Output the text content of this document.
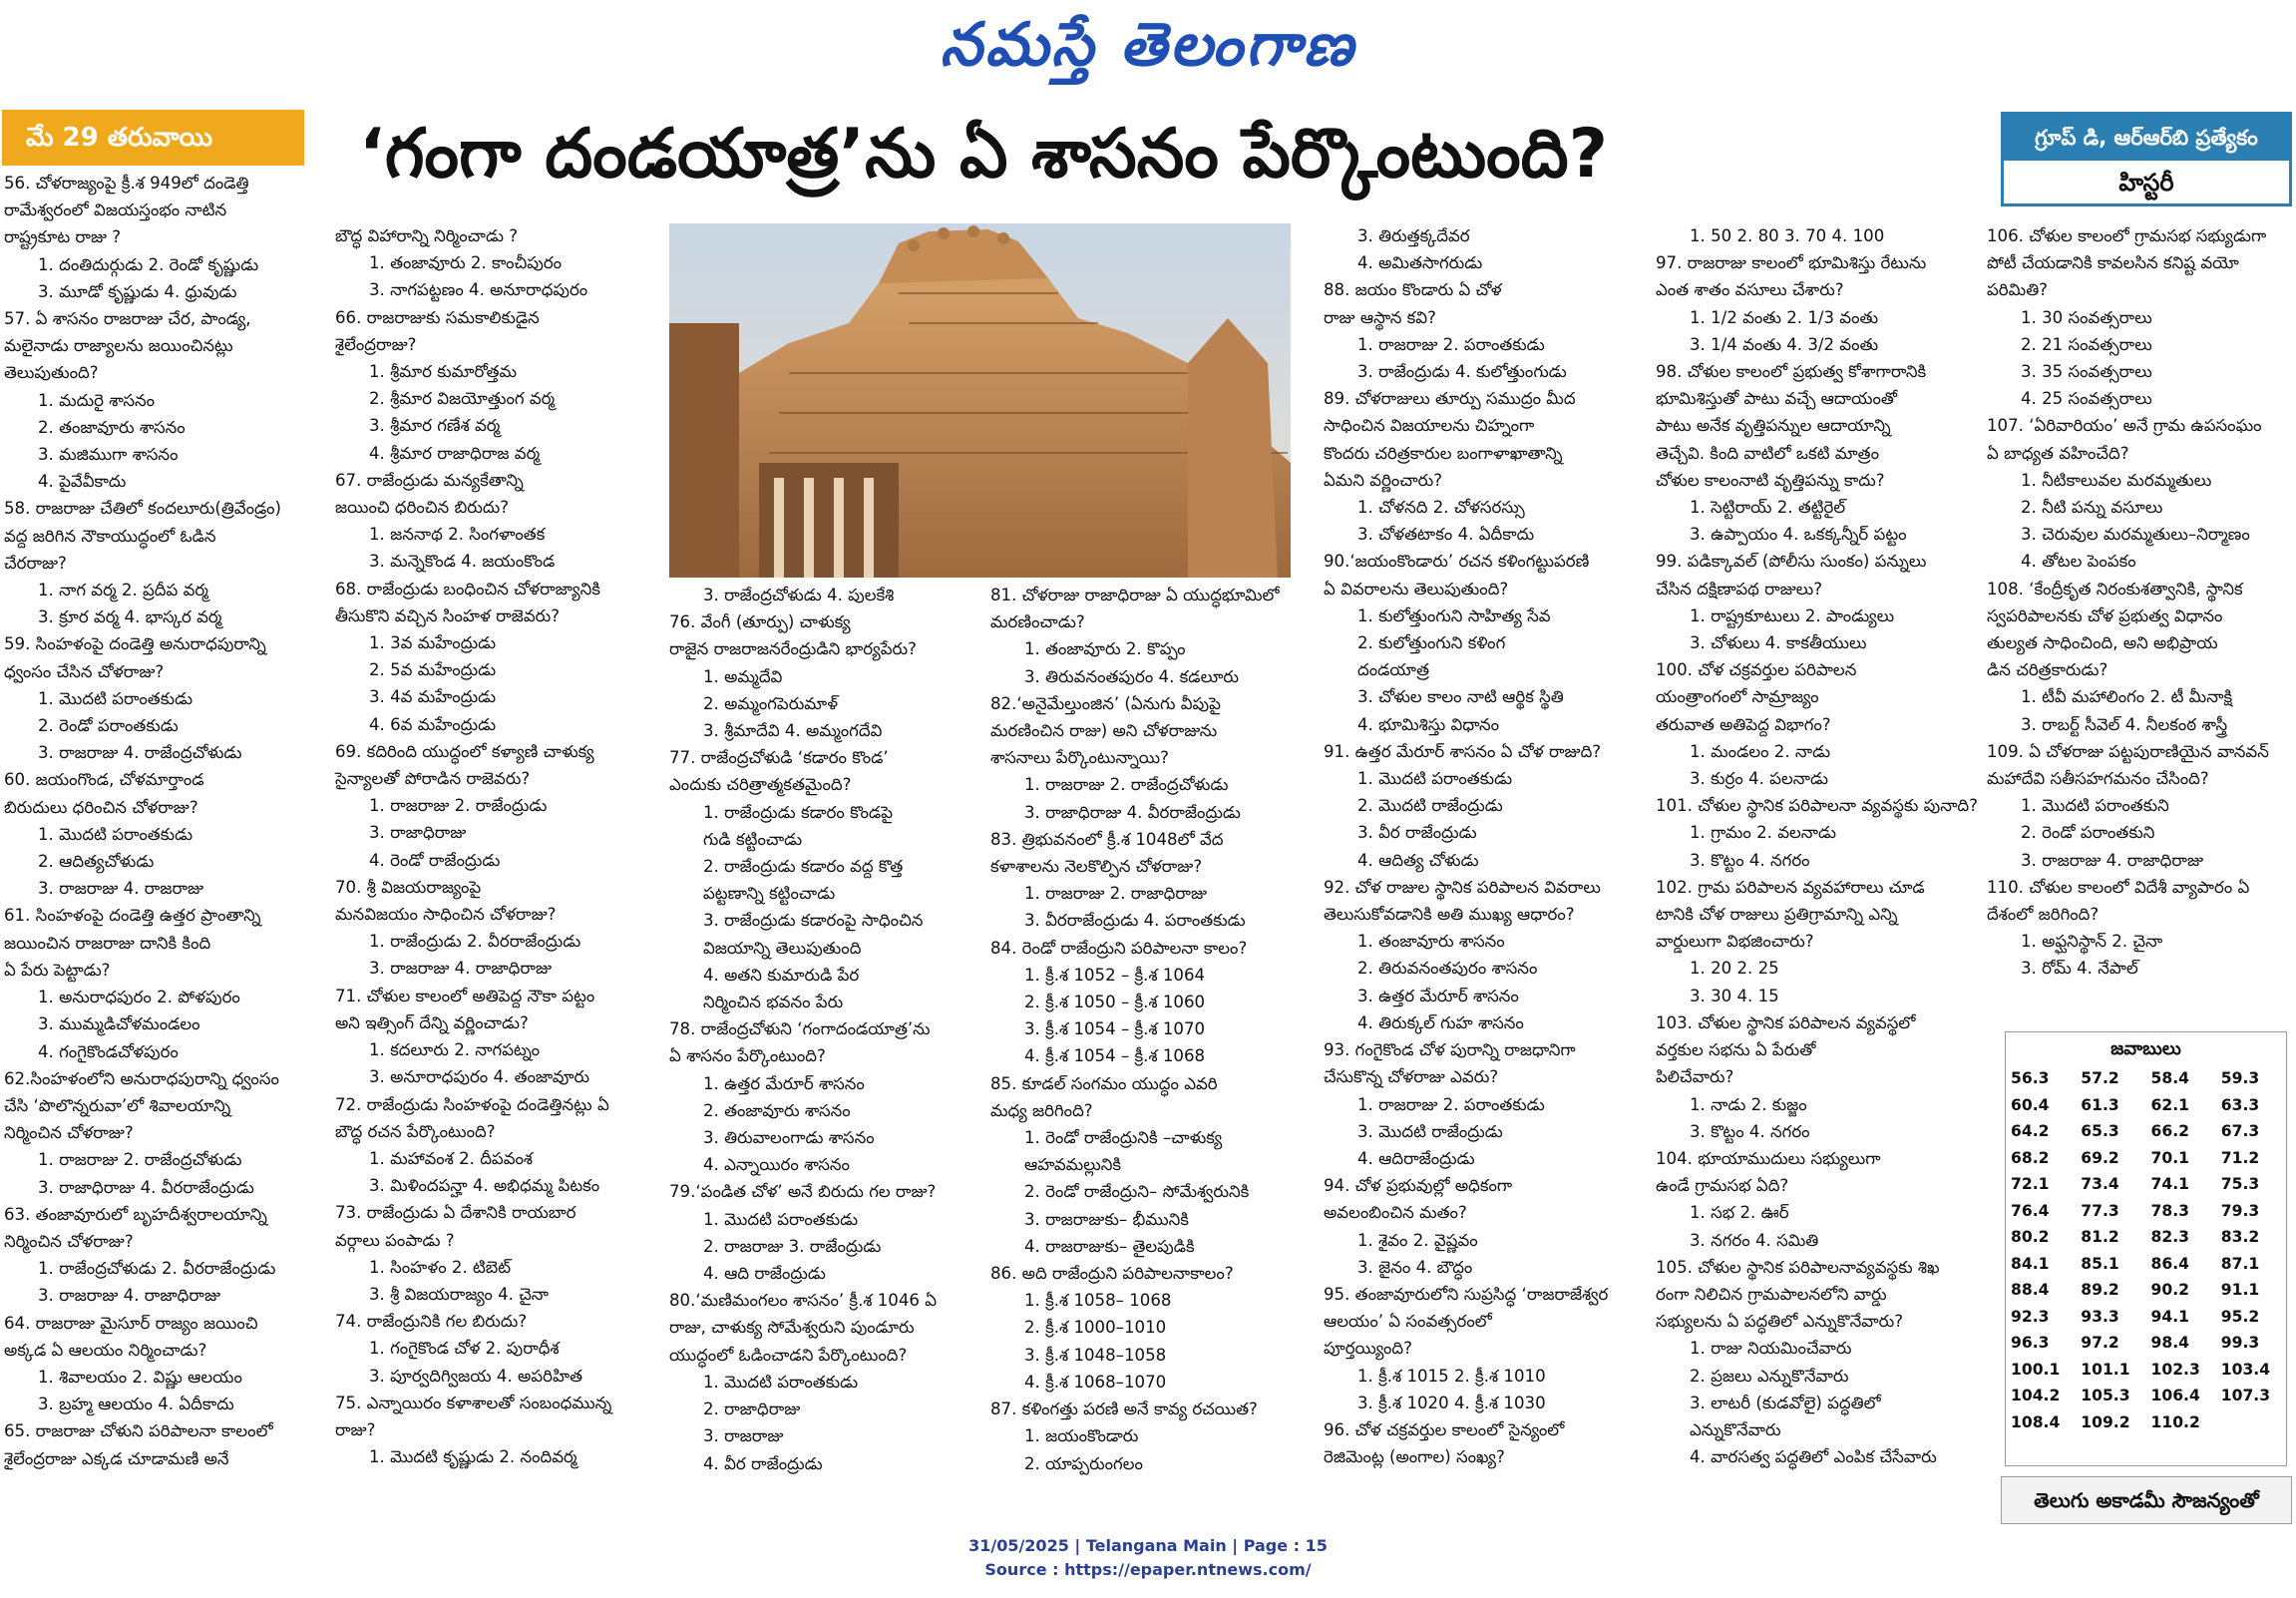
నమస్తే తెలంగాణ
మే 29 తరువాయి	‘గంగా దండయాత్ర’ను ఏ శాసనం పేర్కొంటుంది?	గ్రూప్ డి, ఆర్‌ఆర్‌బి ప్రత్యేకం
హిస్టరీ
56. చోళరాజ్యంపై క్రీ.శ 949లో దండెత్తి
రామేశ్వరంలో విజయస్తంభం నాటిన
రాష్ట్రకూట రాజు ?
1. దంతిదుర్గుడు 2. రెండో కృష్ణుడు
3. మూడో కృష్ణుడు 4. ధ్రువుడు
57. ఏ శాసనం రాజరాజు చేర, పాండ్య,
మలైనాడు రాజ్యాలను జయించినట్లు
తెలుపుతుంది?
1. మదురై శాసనం
2. తంజావూరు శాసనం
3. మజిముగా శాసనం
4. పైవేవీకాదు
58. రాజరాజు చేతిలో కందలూరు(త్రివేండ్రం)
వద్ద జరిగిన నౌకాయుద్ధంలో ఓడిన
చేరరాజు?
1. నాగ వర్మ 2. ప్రదీప వర్మ
3. క్రూర వర్మ 4. భాస్కర వర్మ
59. సింహళంపై దండెత్తి అనురాధపురాన్ని
ధ్వంసం చేసిన చోళరాజు?
1. మొదటి పరాంతకుడు
2. రెండో పరాంతకుడు
3. రాజరాజు 4. రాజేంద్రచోళుడు
60. జయంగొండ, చోళమార్తాండ
బిరుదులు ధరించిన చోళరాజు?
1. మొదటి పరాంతకుడు
2. ఆదిత్యచోళుడు
3. రాజరాజు 4. రాజరాజు
61. సింహళంపై దండెత్తి ఉత్తర ప్రాంతాన్ని
జయించిన రాజరాజు దానికి కింది
ఏ పేరు పెట్టాడు?
1. అనురాధపురం 2. పోళపురం
3. ముమ్మడిచోళమండలం
4. గంగైకొండచోళపురం
62.సింహళంలోని అనురాధపురాన్ని ధ్వంసం
చేసి ‘పొలొన్నరువా’లో శివాలయాన్ని
నిర్మించిన చోళరాజు?
1. రాజరాజు 2. రాజేంద్రచోళుడు
3. రాజాధిరాజు 4. వీరరాజేంద్రుడు
63. తంజావూరులో బృహదీశ్వరాలయాన్ని
నిర్మించిన చోళరాజు?
1. రాజేంద్రచోళుడు 2. వీరరాజేంద్రుడు
3. రాజరాజు 4. రాజాధిరాజు
64. రాజరాజు మైసూర్ రాజ్యం జయించి
అక్కడ ఏ ఆలయం నిర్మించాడు?
1. శివాలయం 2. విష్ణు ఆలయం
3. బ్రహ్మ ఆలయం 4. ఏదీకాదు
65. రాజరాజు చోళుని పరిపాలనా కాలంలో
శైలేంద్రరాజు ఎక్కడ చూడామణి అనే
బౌద్ధ విహారాన్ని నిర్మించాడు ?
1. తంజావూరు 2. కాంచీపురం
3. నాగపట్టణం 4. అనూరాధపురం
66. రాజరాజుకు సమకాలికుడైన
శైలేంద్రరాజు?
1. శ్రీమార కుమారోత్తమ
2. శ్రీమార విజయోత్తుంగ వర్మ
3. శ్రీమార గణేశ వర్మ
4. శ్రీమార రాజాధిరాజ వర్మ
67. రాజేంద్రుడు మన్యకేతాన్ని
జయించి ధరించిన బిరుదు?
1. జననాథ 2. సింగళాంతక
3. మన్నెకొండ 4. జయంకొండ
68. రాజేంద్రుడు బంధించిన చోళరాజ్యానికి
తీసుకొని వచ్చిన సింహళ రాజెవరు?
1. 3వ మహేంద్రుడు
2. 5వ మహేంద్రుడు
3. 4వ మహేంద్రుడు
4. 6వ మహేంద్రుడు
69. కదిరింది యుద్ధంలో కళ్యాణి చాళుక్య
సైన్యాలతో పోరాడిన రాజెవరు?
1. రాజరాజు 2. రాజేంద్రుడు
3. రాజాధిరాజు
4. రెండో రాజేంద్రుడు
70. శ్రీ విజయరాజ్యంపై
మనవిజయం సాధించిన చోళరాజు?
1. రాజేంద్రుడు 2. వీరరాజేంద్రుడు
3. రాజరాజు 4. రాజాధిరాజు
71. చోళుల కాలంలో అతిపెద్ద నౌకా పట్టం
అని ఇత్సింగ్ దేన్ని వర్ణించాడు?
1. కదలూరు 2. నాగపట్నం
3. అనూరాధపురం 4. తంజావూరు
72. రాజేంద్రుడు సింహళంపై దండెత్తినట్లు ఏ
బౌద్ధ రచన పేర్కొంటుంది?
1. మహావంశ 2. దీపవంశ
3. మిళిందపన్హా 4. అభిధమ్మ పిటకం
73. రాజేంద్రుడు ఏ దేశానికి రాయబార
వర్గాలు పంపాడు ?
1. సింహళం 2. టిబెట్
3. శ్రీ విజయరాజ్యం 4. చైనా
74. రాజేంద్రునికి గల బిరుదు?
1. గంగైకొండ చోళ 2. పురాధీశ
3. పూర్వదిగ్విజయ 4. అపరిహిత
75. ఎన్నాయిరం కళాశాలతో సంబంధమున్న
రాజు?
1. మొదటి కృష్ణుడు 2. నందివర్మ
3. రాజేంద్రచోళుడు 4. పులకేశి
76. వేంగీ (తూర్పు) చాళుక్య
రాజైన రాజరాజనరేంద్రుడిని భార్యపేరు?
1. అమ్మదేవి
2. అమ్మంగపెరుమాళ్
3. శ్రీమాదేవి 4. అమ్మంగదేవి
77. రాజేంద్రచోళుడి ‘కడారం కొండ’
ఎందుకు చరిత్రాత్మకతమైంది?
1. రాజేంద్రుడు కడారం కొండపై
గుడి కట్టించాడు
2. రాజేంద్రుడు కడారం వద్ద కొత్త
పట్టణాన్ని కట్టించాడు
3. రాజేంద్రుడు కడారంపై సాధించిన
విజయాన్ని తెలుపుతుంది
4. అతని కుమారుడి పేర
నిర్మించిన భవనం పేరు
78. రాజేంద్రచోళుని ‘గంగాదండయాత్ర’ను
ఏ శాసనం పేర్కొంటుంది?
1. ఉత్తర మేరూర్ శాసనం
2. తంజావూరు శాసనం
3. తిరువాలంగాడు శాసనం
4. ఎన్నాయిరం శాసనం
79.‘పండిత చోళ’ అనే బిరుదు గల రాజు?
1. మొదటి పరాంతకుడు
2. రాజరాజు 3. రాజేంద్రుడు
4. ఆది రాజేంద్రుడు
80.‘మణిమంగలం శాసనం’ క్రీ.శ 1046 ఏ
రాజు, చాళుక్య సోమేశ్వరుని పుండూరు
యుద్ధంలో ఓడించాడని పేర్కొంటుంది?
1. మొదటి పరాంతకుడు
2. రాజాధిరాజు
3. రాజరాజు
4. వీర రాజేంద్రుడు
81. చోళరాజు రాజాధిరాజు ఏ యుద్ధభూమిలో
మరణించాడు?
1. తంజావూరు 2. కొప్పం
3. తిరువనంతపురం 4. కడలూరు
82.‘అనైమేల్తుంజిన’ (ఏనుగు వీపుపై
మరణించిన రాజు) అని చోళరాజును
శాసనాలు పేర్కొంటున్నాయి?
1. రాజరాజు 2. రాజేంద్రచోళుడు
3. రాజాధిరాజు 4. వీరరాజేంద్రుడు
83. త్రిభువనంలో క్రీ.శ 1048లో వేద
కళాశాలను నెలకొల్పిన చోళరాజు?
1. రాజరాజు 2. రాజాధిరాజు
3. వీరరాజేంద్రుడు 4. పరాంతకుడు
84. రెండో రాజేంద్రుని పరిపాలనా కాలం?
1. క్రీ.శ 1052 – క్రీ.శ 1064
2. క్రీ.శ 1050 – క్రీ.శ 1060
3. క్రీ.శ 1054 – క్రీ.శ 1070
4. క్రీ.శ 1054 – క్రీ.శ 1068
85. కూడల్ సంగమం యుద్ధం ఎవరి
మధ్య జరిగింది?
1. రెండో రాజేంద్రునికి –చాళుక్య
ఆహవమల్లునికి
2. రెండో రాజేంద్రుని– సోమేశ్వరునికి
3. రాజరాజుకు– భీమునికి
4. రాజరాజుకు– తైలపుడికి
86. అది రాజేంద్రుని పరిపాలనాకాలం?
1. క్రీ.శ 1058– 1068
2. క్రీ.శ 1000–1010
3. క్రీ.శ 1048–1058
4. క్రీ.శ 1068–1070
87. కళింగత్తు పరణి అనే కావ్య రచయిత?
1. జయంకొండారు
2. యాప్పరుంగలం
3. తిరుత్తక్కదేవర
4. అమితసాగరుడు
88. జయం కొండారు ఏ చోళ
రాజు ఆస్థాన కవి?
1. రాజరాజు 2. పరాంతకుడు
3. రాజేంద్రుడు 4. కులోత్తుంగుడు
89. చోళరాజులు తూర్పు సముద్రం మీద
సాధించిన విజయాలను చిహ్నంగా
కొందరు చరిత్రకారుల బంగాళాఖాతాన్ని
ఏమని వర్ణించారు?
1. చోళనది 2. చోళసరస్సు
3. చోళతటాకం 4. ఏదీకాదు
90.‘జయంకొండారు’ రచన కళింగట్టుపరణి
ఏ వివరాలను తెలుపుతుంది?
1. కులోత్తుంగుని సాహిత్య సేవ
2. కులోత్తుంగుని కళింగ
దండయాత్ర
3. చోళుల కాలం నాటి ఆర్థిక స్థితి
4. భూమిశిస్తు విధానం
91. ఉత్తర మేరూర్ శాసనం ఏ చోళ రాజుది?
1. మొదటి పరాంతకుడు
2. మొదటి రాజేంద్రుడు
3. వీర రాజేంద్రుడు
4. ఆదిత్య చోళుడు
92. చోళ రాజుల స్థానిక పరిపాలన వివరాలు
తెలుసుకోవడానికి అతి ముఖ్య ఆధారం?
1. తంజావూరు శాసనం
2. తిరువనంతపురం శాసనం
3. ఉత్తర మేరూర్ శాసనం
4. తిరుక్కల్ గుహ శాసనం
93. గంగైకొండ చోళ పురాన్ని రాజధానిగా
చేసుకొన్న చోళరాజు ఎవరు?
1. రాజరాజు 2. పరాంతకుడు
3. మొదటి రాజేంద్రుడు
4. ఆదిరాజేంద్రుడు
94. చోళ ప్రభువుల్లో అధికంగా
అవలంబించిన మతం?
1. శైవం 2. వైష్ణవం
3. జైనం 4. బౌద్ధం
95. తంజావూరులోని సుప్రసిద్ధ ‘రాజరాజేశ్వర
ఆలయం’ ఏ సంవత్సరంలో
పూర్తయ్యింది?
1. క్రీ.శ 1015 2. క్రీ.శ 1010
3. క్రీ.శ 1020 4. క్రీ.శ 1030
96. చోళ చక్రవర్తుల కాలంలో సైన్యంలో
రెజిమెంట్ల (అంగాల) సంఖ్య?
1. 50 2. 80 3. 70 4. 100
97. రాజరాజు కాలంలో భూమిశిస్తు రేటును
ఎంత శాతం వసూలు చేశారు?
1. 1/2 వంతు 2. 1/3 వంతు
3. 1/4 వంతు 4. 3/2 వంతు
98. చోళుల కాలంలో ప్రభుత్వ కోశాగారానికి
భూమిశిస్తుతో పాటు వచ్చే ఆదాయంతో
పాటు అనేక వృత్తిపన్నుల ఆదాయాన్ని
తెచ్చేవి. కింది వాటిలో ఒకటి మాత్రం
చోళుల కాలంనాటి వృత్తిపన్ను కాదు?
1. సెట్టిరాయ్ 2. తట్టిరైల్
3. ఉప్పాయం 4. ఒకక్కన్నీర్ పట్టం
99. పడిక్కావల్ (పోలీసు సుంకం) పన్నులు
చేసిన దక్షిణాపథ రాజులు?
1. రాష్ట్రకూటులు 2. పాండ్యులు
3. చోళులు 4. కాకతీయులు
100. చోళ చక్రవర్తుల పరిపాలన
యంత్రాంగంలో సామ్రాజ్యం
తరువాత అతిపెద్ద విభాగం?
1. మండలం 2. నాడు
3. కుర్రం 4. పలనాడు
101. చోళుల స్థానిక పరిపాలనా వ్యవస్థకు పునాది?
1. గ్రామం 2. వలనాడు
3. కొట్టం 4. నగరం
102. గ్రామ పరిపాలన వ్యవహారాలు చూడ
టానికి చోళ రాజులు ప్రతిగ్రామాన్ని ఎన్ని
వార్డులుగా విభజించారు?
1. 20 2. 25
3. 30 4. 15
103. చోళుల స్థానిక పరిపాలన వ్యవస్థలో
వర్తకుల సభను ఏ పేరుతో
పిలిచేవారు?
1. నాడు 2. కుజ్జం
3. కొట్టం 4. నగరం
104. భూయాముదులు సభ్యులుగా
ఉండే గ్రామసభ ఏది?
1. సభ 2. ఊర్
3. నగరం 4. సమితి
105. చోళుల స్థానిక పరిపాలనావ్యవస్థకు శిఖ
రంగా నిలిచిన గ్రామపాలనలోని వార్డు
సభ్యులను ఏ పద్ధతిలో ఎన్నుకొనేవారు?
1. రాజు నియమించేవారు
2. ప్రజలు ఎన్నుకొనేవారు
3. లాటరీ (కుడవోలై) పద్ధతిలో
ఎన్నుకొనేవారు
4. వారసత్వ పద్ధతిలో ఎంపిక చేసేవారు
106. చోళుల కాలంలో గ్రామసభ సభ్యుడుగా
పోటీ చేయడానికి కావలసిన కనిష్ట వయో
పరిమితి?
1. 30 సంవత్సరాలు
2. 21 సంవత్సరాలు
3. 35 సంవత్సరాలు
4. 25 సంవత్సరాలు
107. ‘ఏరివారియం’ అనే గ్రామ ఉపసంఘం
ఏ బాధ్యత వహించేది?
1. నీటికాలువల మరమ్మతులు
2. నీటి పన్ను వసూలు
3. చెరువుల మరమ్మతులు–నిర్మాణం
4. తోటల పెంపకం
108. ‘కేంద్రీకృత నిరంకుశత్వానికి, స్థానిక
స్వపరిపాలనకు చోళ ప్రభుత్వ విధానం
తుల్యత సాధించింది, అని అభిప్రాయ
డిన చరిత్రకారుడు?
1. టీవీ మహాలింగం 2. టీ మీనాక్షి
3. రాబర్ట్ సీవెల్ 4. నీలకంఠ శాస్త్రీ
109. ఏ చోళరాజు పట్టపురాణియైన వానవన్
మహాదేవి సతీసహగమనం చేసింది?
1. మొదటి పరాంతకుని
2. రెండో పరాంతకుని
3. రాజరాజు 4. రాజాధిరాజు
110. చోళుల కాలంలో విదేశీ వ్యాపారం ఏ
దేశంలో జరిగింది?
1. అఫ్ఘనిస్థాన్ 2. చైనా
3. రోమ్ 4. నేపాల్
జవాబులు
56.3	57.2	58.4	59.3
60.4	61.3	62.1	63.3
64.2	65.3	66.2	67.3
68.2	69.2	70.1	71.2
72.1	73.4	74.1	75.3
76.4	77.3	78.3	79.3
80.2	81.2	82.3	83.2
84.1	85.1	86.4	87.1
88.4	89.2	90.2	91.1
92.3	93.3	94.1	95.2
96.3	97.2	98.4	99.3
100.1	101.1	102.3	103.4
104.2	105.3	106.4	107.3
108.4	109.2	110.2	
తెలుగు అకాడమీ సౌజన్యంతో
31/05/2025 | Telangana Main | Page : 15
Source : https://epaper.ntnews.com/
